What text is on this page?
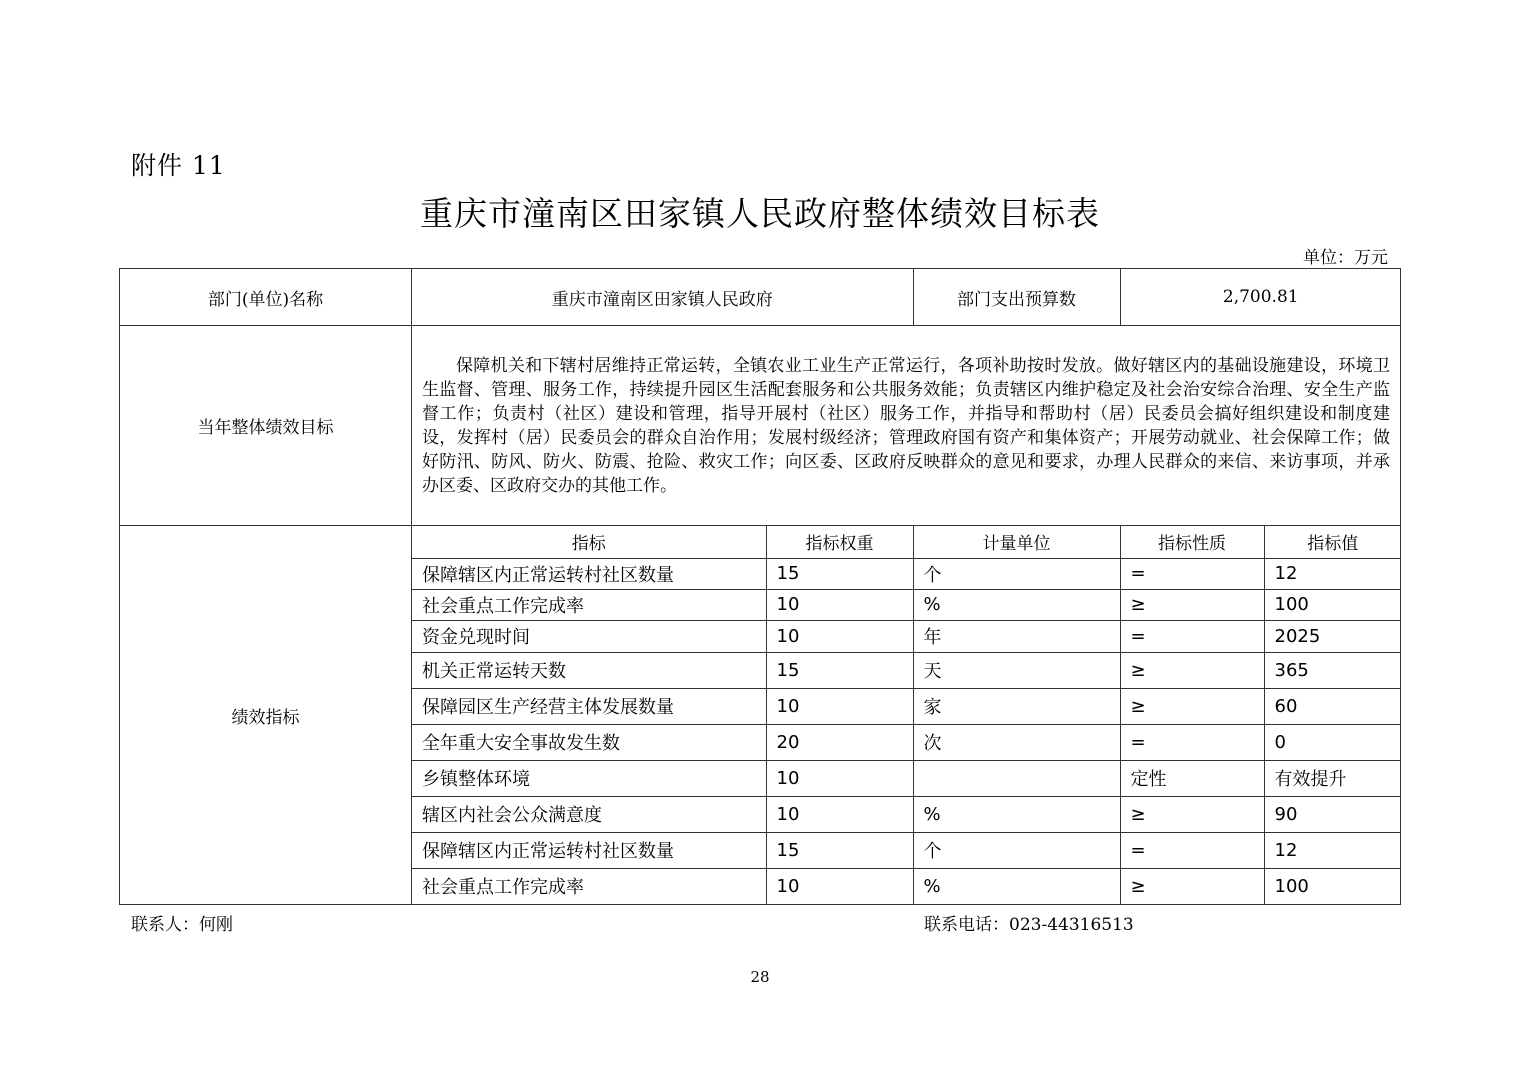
附件 11
重庆市潼南区田家镇人民政府整体绩效目标表
单位：万元
部门(单位)名称		重庆市潼南区田家镇人民政府	部门支出预算数	2,700.81

当年整体绩效目标	保障机关和下辖村居维持正常运转，全镇农业工业生产正常运行，各项补助按时发放。做好辖区内的基础设施建设，环境卫生监督、管理、服务工作，持续提升园区生活配套服务和公共服务效能；负责辖区内维护稳定及社会治安综合治理、安全生产监督工作；负责村（社区）建设和管理，指导开展村（社区）服务工作，并指导和帮助村（居）民委员会搞好组织建设和制度建设，发挥村（居）民委员会的群众自治作用；发展村级经济；管理政府国有资产和集体资产；开展劳动就业、社会保障工作；做好防汛、防风、防火、防震、抢险、救灾工作；向区委、区政府反映群众的意见和要求，办理人民群众的来信、来访事项，并承办区委、区政府交办的其他工作。
绩效指标	
指标	指标权重	计量单位	指标性质	指标值
保障辖区内正常运转村社区数量	15	个	=	12
社会重点工作完成率	10	%	≥	100
资金兑现时间	10	年	=	2025
机关正常运转天数	15	天	≥	365
保障园区生产经营主体发展数量	10	家	≥	60
全年重大安全事故发生数	20	次	=	0
乡镇整体环境	10		定性	有效提升
辖区内社会公众满意度	10	%	≥	90
保障辖区内正常运转村社区数量	15	个	=	12
社会重点工作完成率	10	%	≥	100
联系人：何刚	联系电话：023-44316513
28
